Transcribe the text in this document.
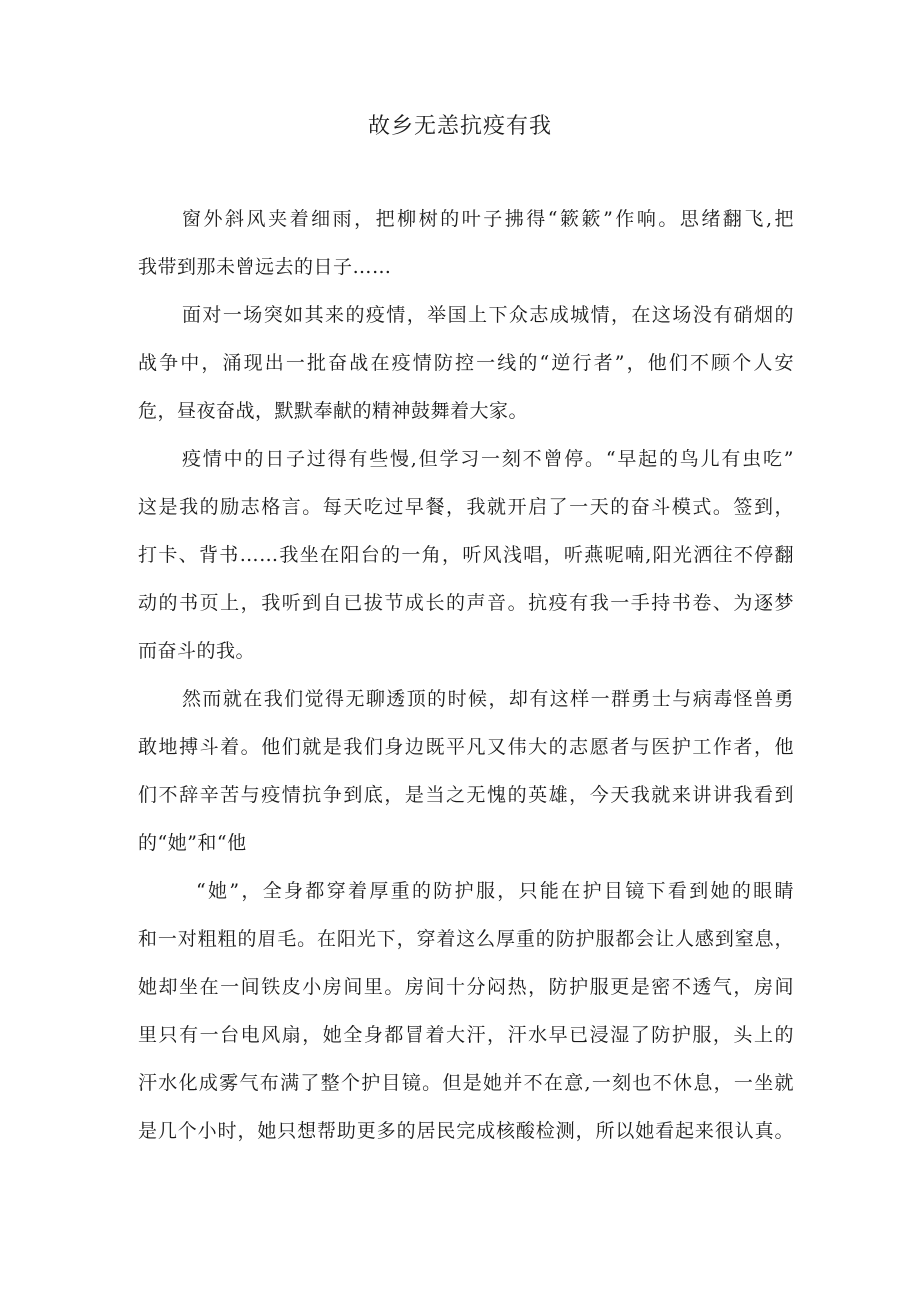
故乡无恙抗疫有我
窗外斜风夹着细雨，把柳树的叶子拂得“簌簌”作响。思绪翻飞,把
我带到那未曾远去的日子……
面对一场突如其来的疫情，举国上下众志成城情，在这场没有硝烟的
战争中，涌现出一批奋战在疫情防控一线的“逆行者”，他们不顾个人安
危，昼夜奋战，默默奉献的精神鼓舞着大家。
疫情中的日子过得有些慢,但学习一刻不曾停。“早起的鸟儿有虫吃”
这是我的励志格言。每天吃过早餐，我就开启了一天的奋斗模式。签到，
打卡、背书……我坐在阳台的一角，听风浅唱，听燕呢喃,阳光洒往不停翻
动的书页上，我听到自已拔节成长的声音。抗疫有我一手持书卷、为逐梦
而奋斗的我。
然而就在我们觉得无聊透顶的时候，却有这样一群勇士与病毒怪兽勇
敢地搏斗着。他们就是我们身边既平凡又伟大的志愿者与医护工作者，他
们不辞辛苦与疫情抗争到底，是当之无愧的英雄，今天我就来讲讲我看到
的“她”和“他
“她”，全身都穿着厚重的防护服，只能在护目镜下看到她的眼睛
和一对粗粗的眉毛。在阳光下，穿着这么厚重的防护服都会让人感到窒息，
她却坐在一间铁皮小房间里。房间十分闷热，防护服更是密不透气，房间
里只有一台电风扇，她全身都冒着大汗，汗水早已浸湿了防护服，头上的
汗水化成雾气布满了整个护目镜。但是她并不在意,一刻也不休息，一坐就
是几个小时，她只想帮助更多的居民完成核酸检测，所以她看起来很认真。
